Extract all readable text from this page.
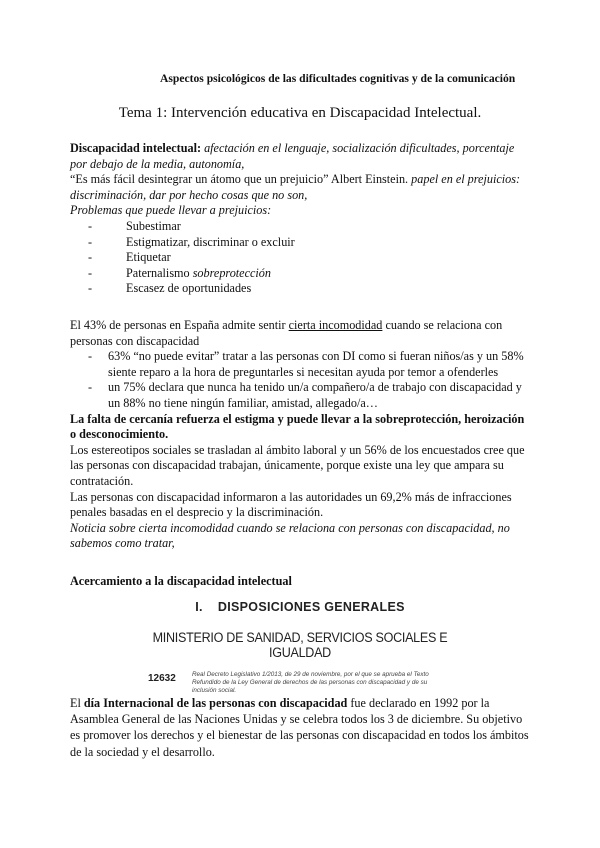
Aspectos psicológicos de las dificultades cognitivas y de la comunicación
Tema 1: Intervención educativa en Discapacidad Intelectual.

Discapacidad intelectual: afectación en el lenguaje, socialización dificultades, porcentaje por debajo de la media, autonomía,

“Es más fácil desintegrar un átomo que un prejuicio” Albert Einstein. papel en el prejuicios: discriminación, dar por hecho cosas que no son,

Problemas que puede llevar a prejuicios:

- Subestimar
- Estigmatizar, discriminar o excluir
- Etiquetar
- Paternalismo sobreprotección
- Escasez de oportunidades

El 43% de personas en España admite sentir cierta incomodidad cuando se relaciona con personas con discapacidad

- 63% “no puede evitar” tratar a las personas con DI como si fueran niños/as y un 58% siente reparo a la hora de preguntarles si necesitan ayuda por temor a ofenderles
- un 75% declara que nunca ha tenido un/a compañero/a de trabajo con discapacidad y un 88% no tiene ningún familiar, amistad, allegado/a…

La falta de cercanía refuerza el estigma y puede llevar a la sobreprotección, heroización o desconocimiento.

Los estereotipos sociales se trasladan al ámbito laboral y un 56% de los encuestados cree que las personas con discapacidad trabajan, únicamente, porque existe una ley que ampara su contratación.

Las personas con discapacidad informaron a las autoridades un 69,2% más de infracciones penales basadas en el desprecio y la discriminación.

Noticia sobre cierta incomodidad cuando se relaciona con personas con discapacidad, no sabemos como tratar,

Acercamiento a la discapacidad intelectual
I.    DISPOSICIONES GENERALES
MINISTERIO DE SANIDAD, SERVICIOS SOCIALES E IGUALDAD
12632	Real Decreto Legislativo 1/2013, de 29 de noviembre, por el que se aprueba el Texto Refundido de la Ley General de derechos de las personas con discapacidad y de su inclusión social.
El día Internacional de las personas con discapacidad fue declarado en 1992 por la Asamblea General de las Naciones Unidas y se celebra todos los 3 de diciembre. Su objetivo es promover los derechos y el bienestar de las personas con discapacidad en todos los ámbitos de la sociedad y el desarrollo.
